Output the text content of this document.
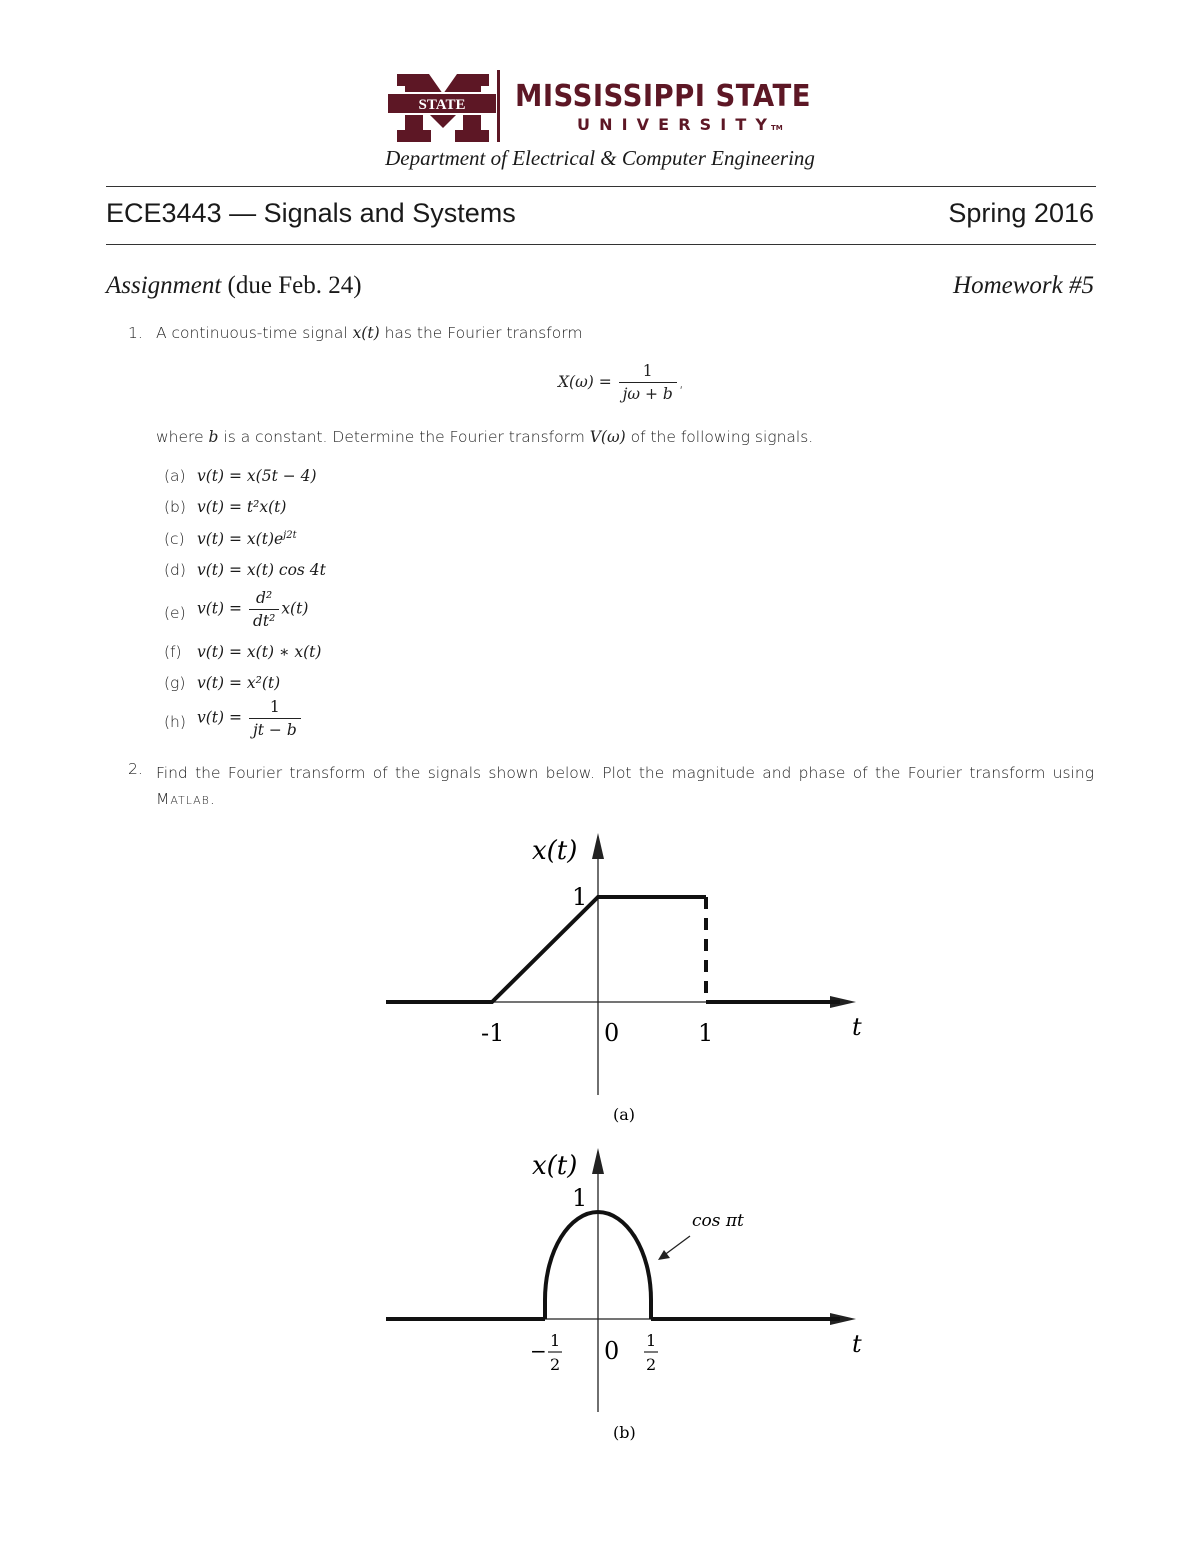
STATE MISSISSIPPI STATE
UNIVERSITY TM
Department of Electrical & Computer Engineering
ECE3443 — Signals and Systems	Spring 2016
Assignment (due Feb. 24)	Homework #5
1. A continuous-time signal x(t) has the Fourier transform
$X(\omega) = \frac{1}{j\omega + b}$ ,
where b is a constant. Determine the Fourier transform V(ω) of the following signals.
(a) v(t) = x(5t − 4)
(b) v(t) = t²x(t)
(c) $v(t) = x(t)e^{j2t}$
(d) v(t) = x(t) cos 4t
(e) $v(t) = \frac{\text{d²}}{\text{dt²}} x(t)$
(f) v(t) = x(t) ∗ x(t)
(g) v(t) = x²(t)
(h) $v(t) = \frac{1}{jt - b}$
2. Find the Fourier transform of the signals shown below. Plot the magnitude and phase of the Fourier transform using Matlab.
x(t)
1
-1	0	1	t
(a)
x(t)
1
cos πt
− 1
2 0 1
2
t
(b)
